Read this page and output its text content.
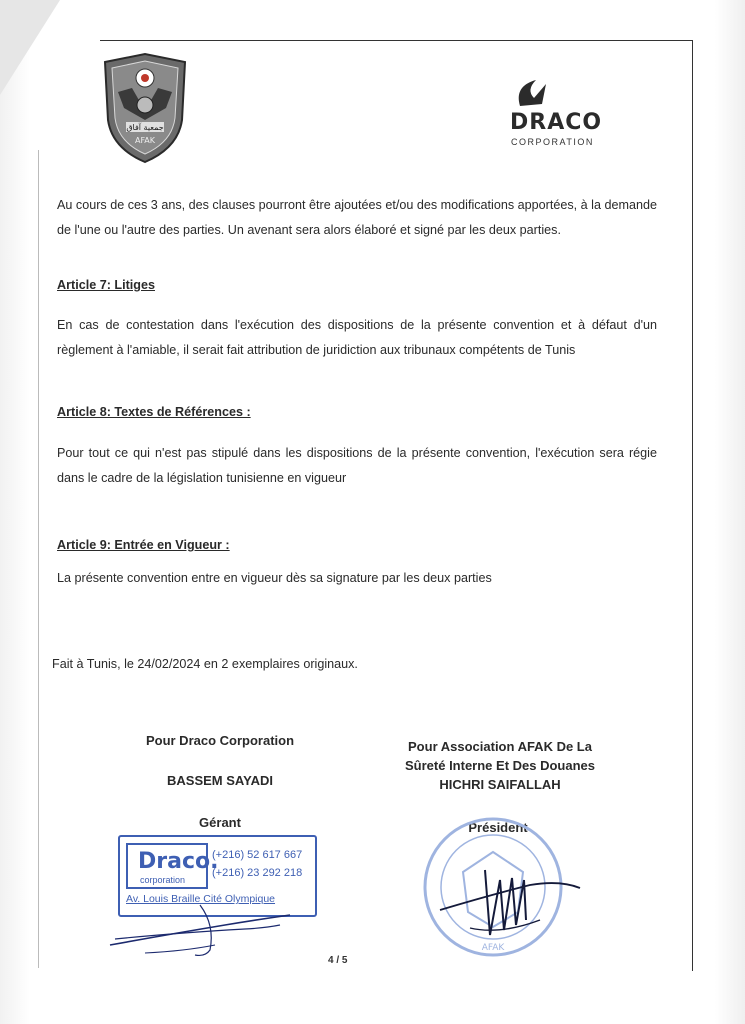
جمعية آفاق
AFAK
DRACO
CORPORATION
Au cours de ces 3 ans, des clauses pourront être ajoutées et/ou des modifications apportées, à la demande de l'une ou l'autre des parties. Un avenant sera alors élaboré et signé par les deux parties.
Article 7: Litiges
En cas de contestation dans l'exécution des dispositions de la présente convention et à défaut d'un règlement à l'amiable, il serait fait attribution de juridiction aux tribunaux compétents de Tunis
Article 8: Textes de Références :
Pour tout ce qui n'est pas stipulé dans les dispositions de la présente convention, l'exécution sera régie dans le cadre de la législation tunisienne en vigueur
Article 9: Entrée en Vigueur :
La présente convention entre en vigueur dès sa signature par les deux parties
Fait à Tunis, le 24/02/2024 en 2 exemplaires originaux.
Pour Draco Corporation
BASSEM SAYADI
Gérant
Pour Association AFAK De La
Sûreté Interne Et Des Douanes
HICHRI SAIFALLAH
Président
Draco.
corporation
(+216) 52 617 667
(+216) 23 292 218
Av. Louis Braille Cité Olympique
AFAK
4 / 5
